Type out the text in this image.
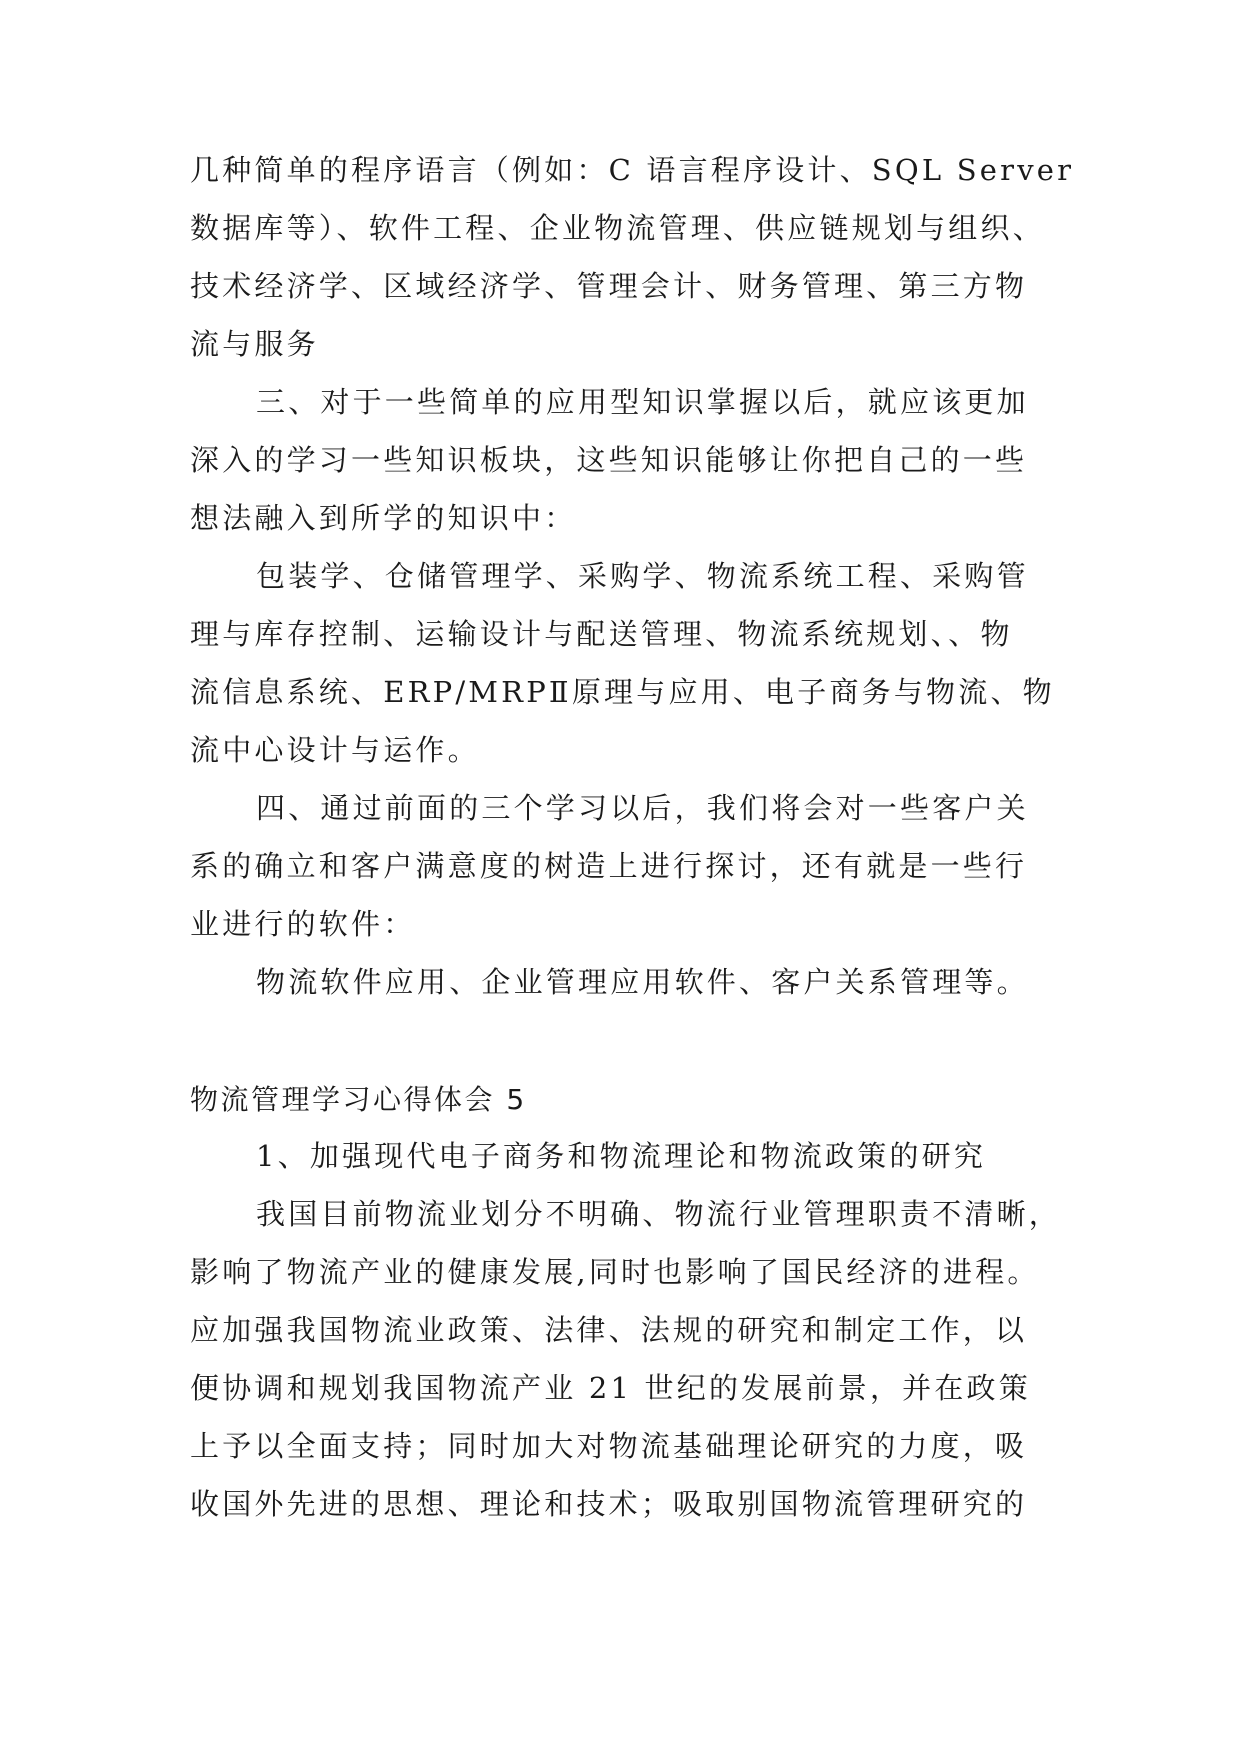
几种简单的程序语言（例如：C 语言程序设计、SQL Server
数据库等）、软件工程、企业物流管理、供应链规划与组织、
技术经济学、区域经济学、管理会计、财务管理、第三方物
流与服务
三、对于一些简单的应用型知识掌握以后，就应该更加
深入的学习一些知识板块，这些知识能够让你把自己的一些
想法融入到所学的知识中：
包装学、仓储管理学、采购学、物流系统工程、采购管
理与库存控制、运输设计与配送管理、物流系统规划、、物
流信息系统、ERP/MRPⅡ原理与应用、电子商务与物流、物
流中心设计与运作。
四、通过前面的三个学习以后，我们将会对一些客户关
系的确立和客户满意度的树造上进行探讨，还有就是一些行
业进行的软件：
物流软件应用、企业管理应用软件、客户关系管理等。
物流管理学习心得体会 5
1、加强现代电子商务和物流理论和物流政策的研究
我国目前物流业划分不明确、物流行业管理职责不清晰，
影响了物流产业的健康发展,同时也影响了国民经济的进程。
应加强我国物流业政策、法律、法规的研究和制定工作，以
便协调和规划我国物流产业 21 世纪的发展前景，并在政策
上予以全面支持；同时加大对物流基础理论研究的力度，吸
收国外先进的思想、理论和技术；吸取别国物流管理研究的
